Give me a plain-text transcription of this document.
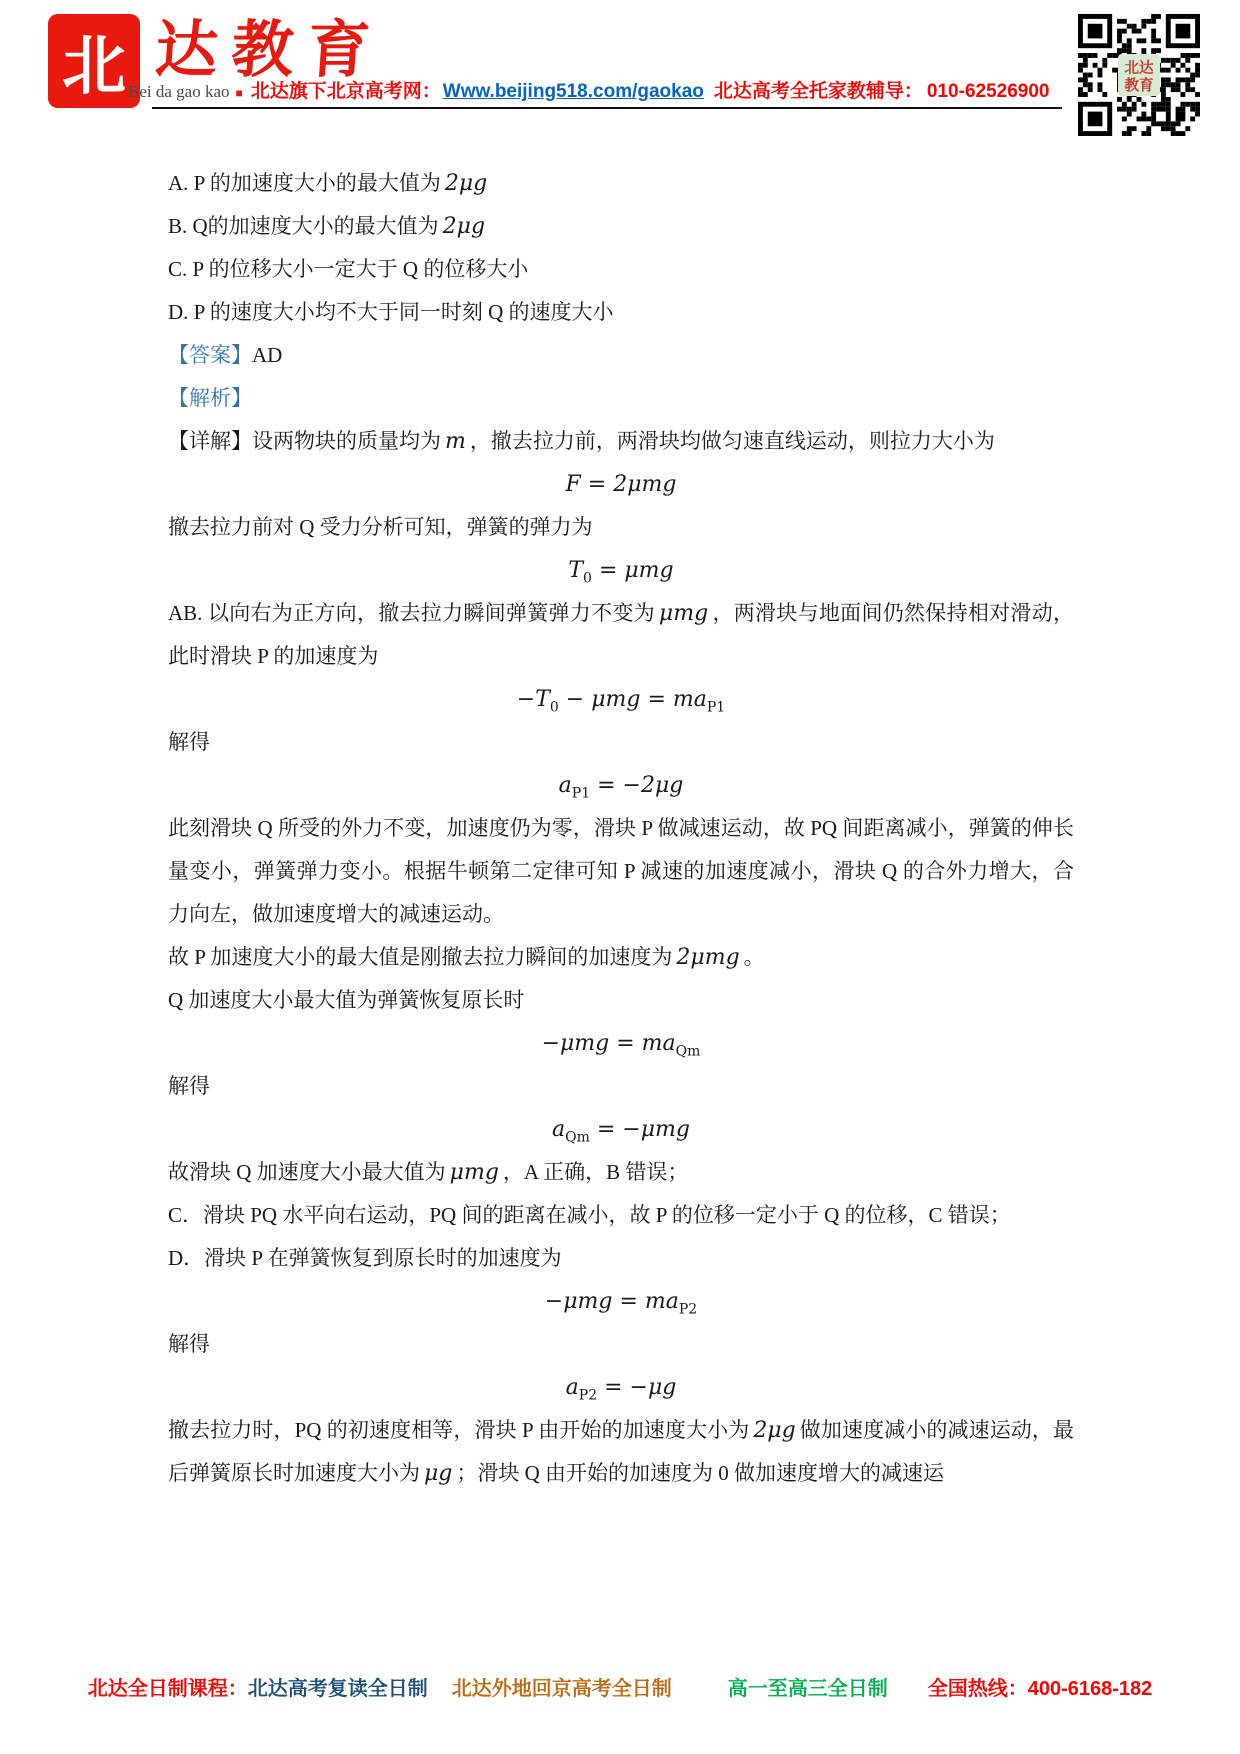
北 达教育
Bei da gao kao ■ 北达旗下北京高考网： Www.beijing518.com/gaokao 北达高考全托家教辅导： 010-62526900
北达
教育

A. P 的加速度大小的最大值为 2μg

B. Q的加速度大小的最大值为 2μg

C. P 的位移大小一定大于 Q 的位移大小

D. P 的速度大小均不大于同一时刻 Q 的速度大小

【答案】AD

【解析】

【详解】设两物块的质量均为 m ，撤去拉力前，两滑块均做匀速直线运动，则拉力大小为

F = 2μmg

撤去拉力前对 Q 受力分析可知，弹簧的弹力为

$T_0 = \mu mg$

AB. 以向右为正方向，撤去拉力瞬间弹簧弹力不变为 μmg ，两滑块与地面间仍然保持相对滑动，此时滑块 P 的加速度为

$-T_0 - \mu mg = ma_{P1}$

解得

$a_{P1} = -2\mu g$

此刻滑块 Q 所受的外力不变，加速度仍为零，滑块 P 做减速运动，故 PQ 间距离减小，弹簧的伸长量变小，弹簧弹力变小。根据牛顿第二定律可知 P 减速的加速度减小，滑块 Q 的合外力增大，合力向左，做加速度增大的减速运动。

故 P 加速度大小的最大值是刚撤去拉力瞬间的加速度为 2μmg 。

Q 加速度大小最大值为弹簧恢复原长时

$-\mu mg = ma_{Qm}$

解得

$a_{Qm} = -\mu mg$

故滑块 Q 加速度大小最大值为 μmg ，A 正确，B 错误；

C．滑块 PQ 水平向右运动，PQ 间的距离在减小，故 P 的位移一定小于 Q 的位移，C 错误；

D．滑块 P 在弹簧恢复到原长时的加速度为

$-\mu mg = ma_{P2}$

解得

$a_{P2} = -\mu g$

撤去拉力时，PQ 的初速度相等，滑块 P 由开始的加速度大小为 2μg 做加速度减小的减速运动，最后弹簧原长时加速度大小为 μg ；滑块 Q 由开始的加速度为 0 做加速度增大的减速运

北达全日制课程： 北达高考复读全日制 北达外地回京高考全日制	高一至高三全日制 全国热线：400-6168-182
